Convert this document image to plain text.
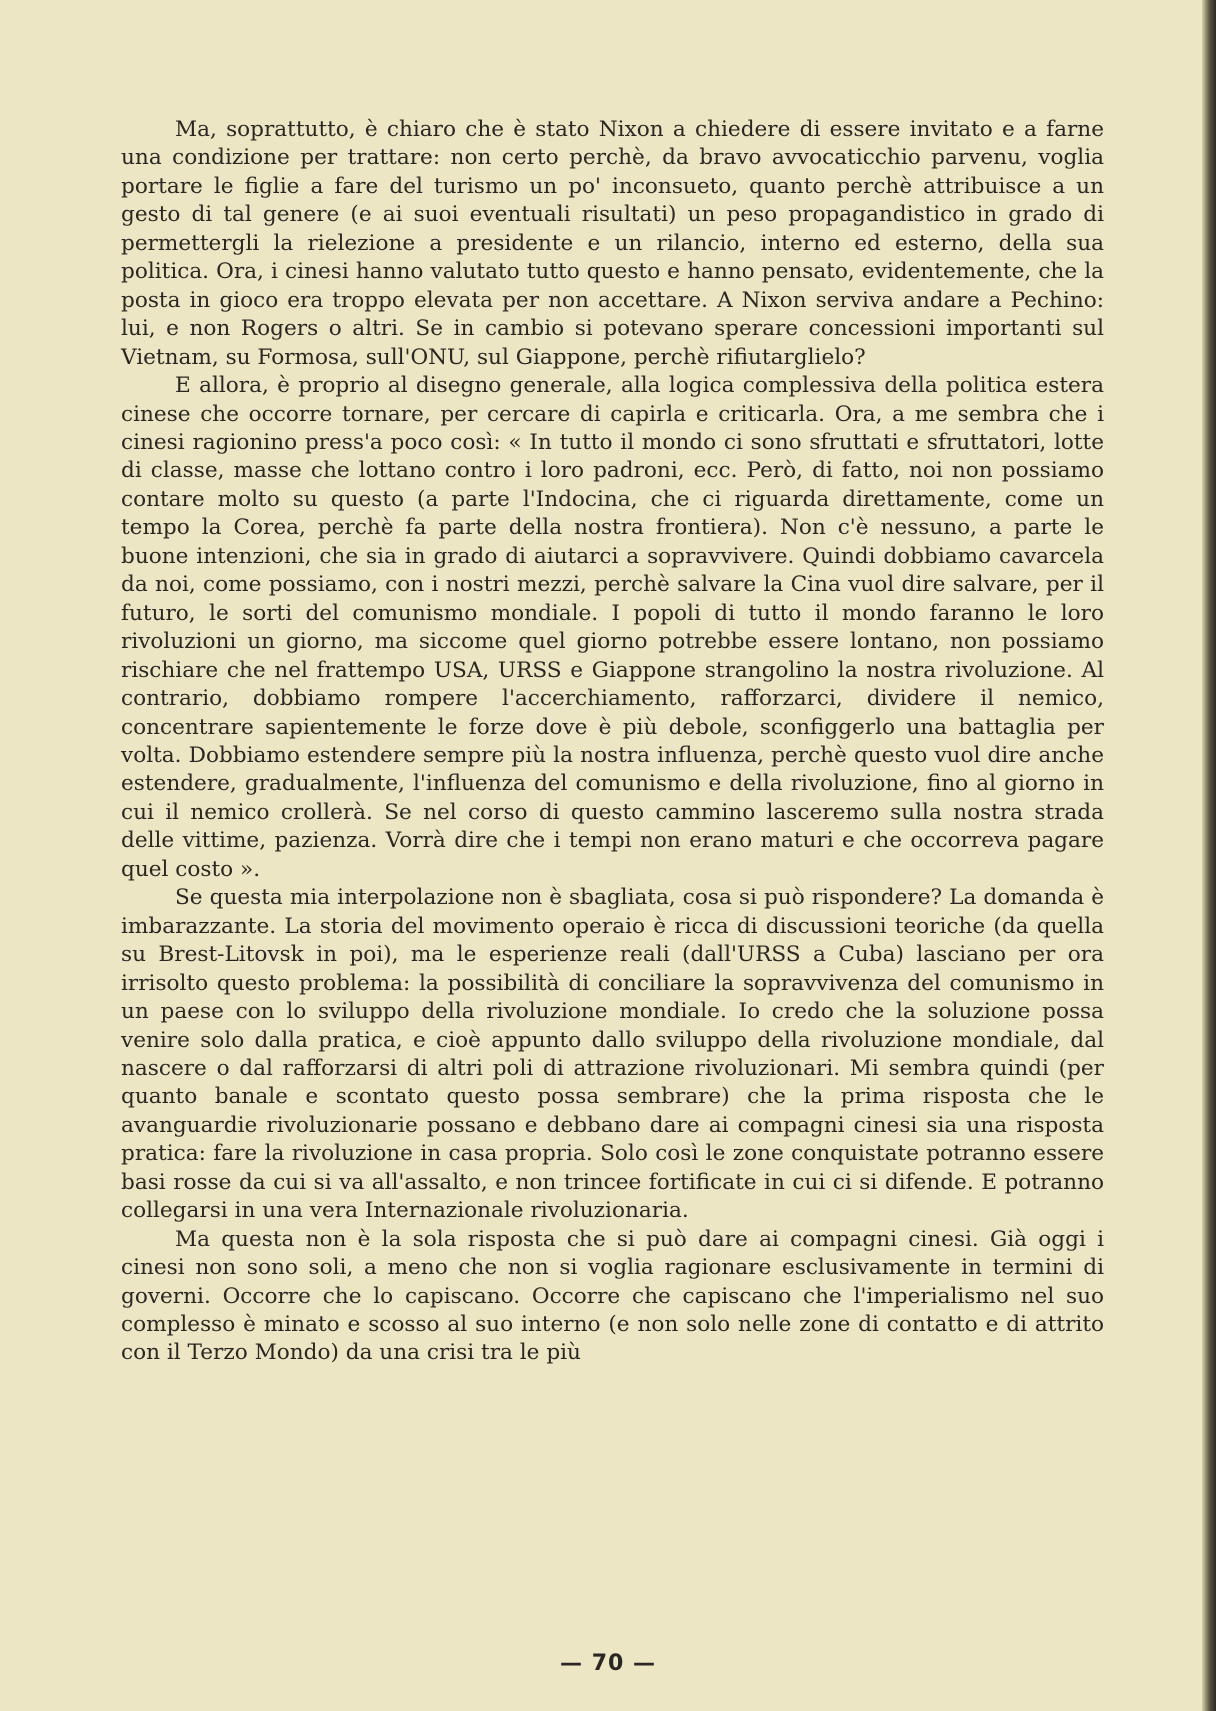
Ma, soprattutto, è chiaro che è stato Nixon a chiedere di essere invitato e a farne una condizione per trattare: non certo perchè, da bravo avvocaticchio parvenu, voglia portare le figlie a fare del turismo un po' inconsueto, quanto perchè attribuisce a un gesto di tal genere (e ai suoi eventuali risultati) un peso propagandistico in grado di permettergli la rielezione a presidente e un rilancio, interno ed esterno, della sua politica. Ora, i cinesi hanno valutato tutto questo e hanno pensato, evidentemente, che la posta in gioco era troppo elevata per non accettare. A Nixon serviva andare a Pechino: lui, e non Rogers o altri. Se in cambio si potevano sperare concessioni importanti sul Vietnam, su Formosa, sull'ONU, sul Giappone, perchè rifiutarglielo?

E allora, è proprio al disegno generale, alla logica complessiva della politica estera cinese che occorre tornare, per cercare di capirla e criticarla. Ora, a me sembra che i cinesi ragionino press'a poco così: « In tutto il mondo ci sono sfruttati e sfruttatori, lotte di classe, masse che lottano contro i loro padroni, ecc. Però, di fatto, noi non possiamo contare molto su questo (a parte l'Indocina, che ci riguarda direttamente, come un tempo la Corea, perchè fa parte della nostra frontiera). Non c'è nessuno, a parte le buone intenzioni, che sia in grado di aiutarci a sopravvivere. Quindi dobbiamo cavarcela da noi, come possiamo, con i nostri mezzi, perchè salvare la Cina vuol dire salvare, per il futuro, le sorti del comunismo mondiale. I popoli di tutto il mondo faranno le loro rivoluzioni un giorno, ma siccome quel giorno potrebbe essere lontano, non possiamo rischiare che nel frattempo USA, URSS e Giappone strangolino la nostra rivoluzione. Al contrario, dobbiamo rompere l'accerchiamento, rafforzarci, dividere il nemico, concentrare sapientemente le forze dove è più debole, sconfiggerlo una battaglia per volta. Dobbiamo estendere sempre più la nostra influenza, perchè questo vuol dire anche estendere, gradualmente, l'influenza del comunismo e della rivoluzione, fino al giorno in cui il nemico crollerà. Se nel corso di questo cammino lasceremo sulla nostra strada delle vittime, pazienza. Vorrà dire che i tempi non erano maturi e che occorreva pagare quel costo ».

Se questa mia interpolazione non è sbagliata, cosa si può rispondere? La domanda è imbarazzante. La storia del movimento operaio è ricca di discussioni teoriche (da quella su Brest-Litovsk in poi), ma le esperienze reali (dall'URSS a Cuba) lasciano per ora irrisolto questo problema: la possibilità di conciliare la sopravvivenza del comunismo in un paese con lo sviluppo della rivoluzione mondiale. Io credo che la soluzione possa venire solo dalla pratica, e cioè appunto dallo sviluppo della rivoluzione mondiale, dal nascere o dal rafforzarsi di altri poli di attrazione rivoluzionari. Mi sembra quindi (per quanto banale e scontato questo possa sembrare) che la prima risposta che le avanguardie rivoluzionarie possano e debbano dare ai compagni cinesi sia una risposta pratica: fare la rivoluzione in casa propria. Solo così le zone conquistate potranno essere basi rosse da cui si va all'assalto, e non trincee fortificate in cui ci si difende. E potranno collegarsi in una vera Internazionale rivoluzionaria.

Ma questa non è la sola risposta che si può dare ai compagni cinesi. Già oggi i cinesi non sono soli, a meno che non si voglia ragionare esclusivamente in termini di governi. Occorre che lo capiscano. Occorre che capiscano che l'imperialismo nel suo complesso è minato e scosso al suo interno (e non solo nelle zone di contatto e di attrito con il Terzo Mondo) da una crisi tra le più

— 70 —
